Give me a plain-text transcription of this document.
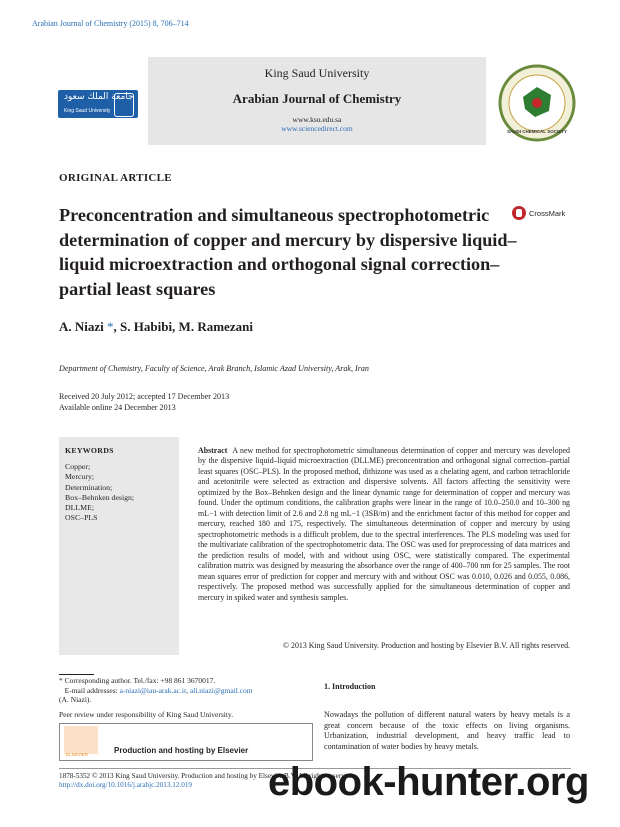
Arabian Journal of Chemistry (2015) 8, 706–714
جامعة الملك سعود
King Saud University
SAUDI CHEMICAL SOCIETY
King Saud University
Arabian Journal of Chemistry
www.ksu.edu.sa
www.sciencedirect.com
ORIGINAL ARTICLE
Preconcentration and simultaneous spectrophotometric determination of copper and mercury by dispersive liquid–liquid microextraction and orthogonal signal correction–partial least squares
CrossMark
A. Niazi *, S. Habibi, M. Ramezani
Department of Chemistry, Faculty of Science, Arak Branch, Islamic Azad University, Arak, Iran
Received 20 July 2012; accepted 17 December 2013
Available online 24 December 2013
KEYWORDS
Copper;
Mercury;
Determination;
Box–Behnken design;
DLLME;
OSC–PLS
Abstract A new method for spectrophotometric simultaneous determination of copper and mercury was developed by the dispersive liquid–liquid microextraction (DLLME) preconcentration and orthogonal signal correction–partial least squares (OSC–PLS). In the proposed method, dithizone was used as a chelating agent, and carbon tetrachloride and acetonitrile were selected as extraction and dispersive solvents. All factors affecting the sensitivity were optimized by the Box–Behnken design and the linear dynamic range for determination of copper and mercury was found. Under the optimum conditions, the calibration graphs were linear in the range of 10.0–250.0 and 10–300 ng mL−1 with detection limit of 2.6 and 2.8 ng mL−1 (3SB/m) and the enrichment factor of this method for copper and mercury, reached 180 and 175, respectively. The simultaneous determination of copper and mercury by using spectrophotometric methods is a difficult problem, due to the spectral interferences. The PLS modeling was used for the multivariate calibration of the spectrophotometric data. The OSC was used for preprocessing of data matrices and the prediction results of model, with and without using OSC, were statistically compared. The experimental calibration matrix was designed by measuring the absorbance over the range of 400–700 nm for 25 samples. The root mean squares error of prediction for copper and mercury with and without OSC was 0.010, 0.026 and 0.055, 0.086, respectively. The proposed method was successfully applied for the simultaneous determination of copper and mercury in spiked water and synthesis samples.
© 2013 King Saud University. Production and hosting by Elsevier B.V. All rights reserved.
* Corresponding author. Tel./fax: +98 861 3670017.
E-mail addresses: a-niazi@iau-arak.ac.ir, ali.niazi@gmail.com
(A. Niazi).
Peer review under responsibility of King Saud University.
ELSEVIER	Production and hosting by Elsevier
1. Introduction
Nowadays the pollution of different natural waters by heavy metals is a great concern because of the toxic effects on living organisms. Urbanization, industrial development, and heavy traffic lead to contamination of water bodies by heavy metals.
1878-5352 © 2013 King Saud University. Production and hosting by Elsevier B.V. All rights reserved.
http://dx.doi.org/10.1016/j.arabjc.2013.12.019 ebook-hunter.org
